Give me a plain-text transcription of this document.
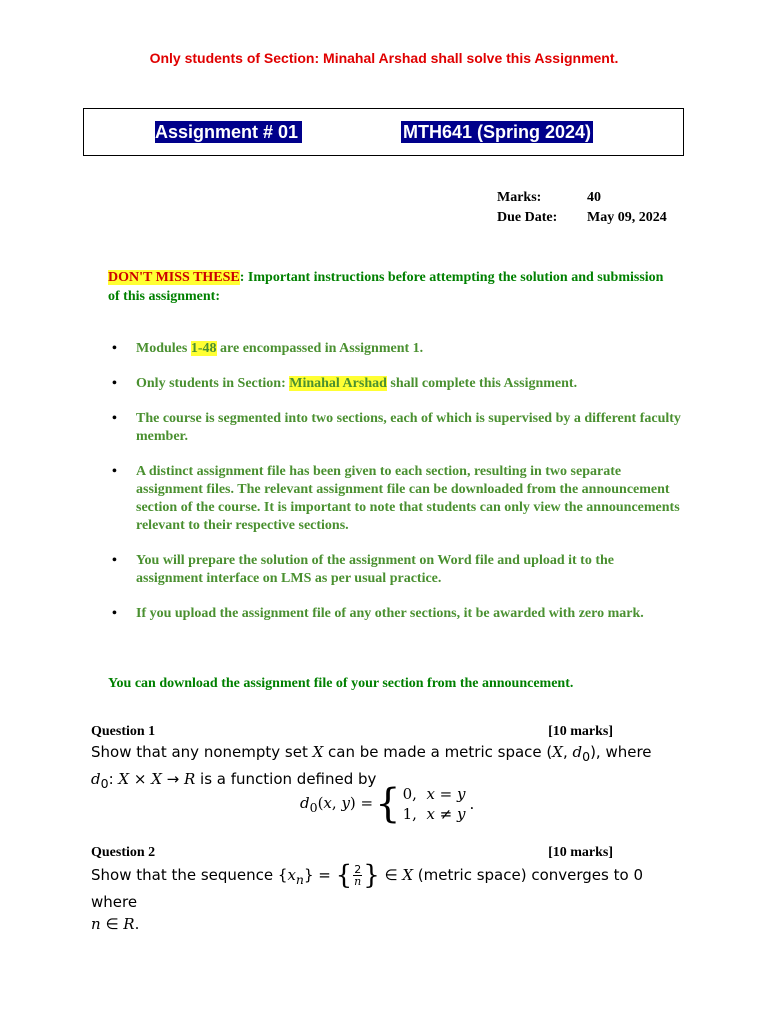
Only students of Section: Minahal Arshad shall solve this Assignment.
Assignment # 01	MTH641 (Spring 2024)
Marks:	40
Due Date: May 09, 2024
DON'T MISS THESE: Important instructions before attempting the solution and submission of this assignment:
• Modules 1-48 are encompassed in Assignment 1.
• Only students in Section: Minahal Arshad shall complete this Assignment.
• The course is segmented into two sections, each of which is supervised by a different faculty member.
• A distinct assignment file has been given to each section, resulting in two separate assignment files. The relevant assignment file can be downloaded from the announcement section of the course. It is important to note that students can only view the announcements relevant to their respective sections.
• You will prepare the solution of the assignment on Word file and upload it to the assignment interface on LMS as per usual practice.
• If you upload the assignment file of any other sections, it be awarded with zero mark.
You can download the assignment file of your section from the announcement.
Question 1	[10 marks]
Show that any nonempty set X can be made a metric space (X, $d_0$), where
$d_0$: X × X → R is a function defined by
$d_0(x$, y) = { 0,  x = y
1,  x ≠ y
.
Question 2	[10 marks]
Show that the sequence $\{x_n\}$ = { $\frac{2}{n}$ } ∈ X (metric space) converges to 0 where
n ∈ R.
